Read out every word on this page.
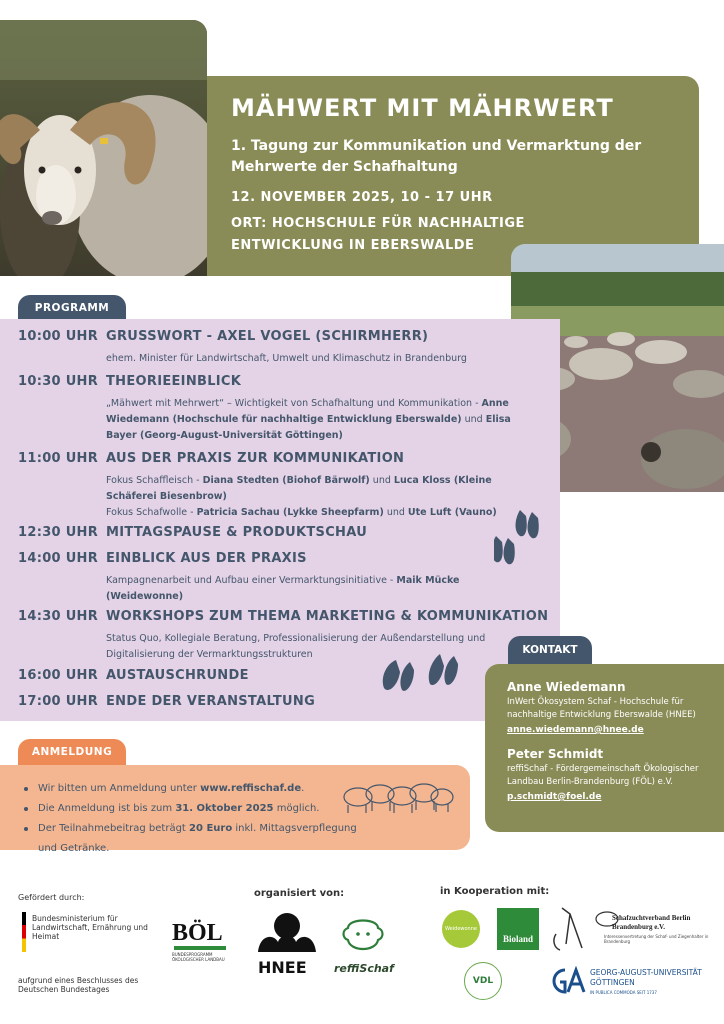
MÄHWERT MIT MÄHRWERT
1. Tagung zur Kommunikation und Vermarktung der Mehrwerte der Schafhaltung
12. NOVEMBER 2025, 10 - 17 UHR
ORT: HOCHSCHULE FÜR NACHHALTIGE ENTWICKLUNG IN EBERSWALDE
PROGRAMM
10:00 UHR GRUSSWORT - AXEL VOGEL (SCHIRMHERR)
ehem. Minister für Landwirtschaft, Umwelt und Klimaschutz in Brandenburg
10:30 UHR THEORIEEINBLICK
„Mähwert mit Mehrwert“ – Wichtigkeit von Schafhaltung und Kommunikation - Anne Wiedemann (Hochschule für nachhaltige Entwicklung Eberswalde) und Elisa Bayer (Georg-August-Universität Göttingen)
11:00 UHR AUS DER PRAXIS ZUR KOMMUNIKATION
Fokus Schaffleisch - Diana Stedten (Biohof Bärwolf) und Luca Kloss (Kleine Schäferei Biesenbrow)
Fokus Schafwolle - Patricia Sachau (Lykke Sheepfarm) und Ute Luft (Vauno)
12:30 UHR MITTAGSPAUSE & PRODUKTSCHAU
14:00 UHR EINBLICK AUS DER PRAXIS
Kampagnenarbeit und Aufbau einer Vermarktungsinitiative - Maik Mücke (Weidewonne)
14:30 UHR WORKSHOPS ZUM THEMA MARKETING & KOMMUNIKATION
Status Quo, Kollegiale Beratung, Professionalisierung der Außendarstellung und Digitalisierung der Vermarktungsstrukturen
16:00 UHR AUSTAUSCHRUNDE
17:00 UHR ENDE DER VERANSTALTUNG
KONTAKT
Anne Wiedemann
InWert Ökosystem Schaf - Hochschule für nachhaltige Entwicklung Eberswalde (HNEE)
anne.wiedemann@hnee.de
Peter Schmidt
reffiSchaf - Fördergemeinschaft Ökologischer Landbau Berlin-Brandenburg (FÖL) e.V.
p.schmidt@foel.de
ANMELDUNG
Wir bitten um Anmeldung unter www.reffischaf.de.
Die Anmeldung ist bis zum 31. Oktober 2025 möglich.
Der Teilnahmebeitrag beträgt 20 Euro inkl. Mittagsverpflegung und Getränke.
Gefördert durch:
Bundesministerium für Landwirtschaft, Ernährung und Heimat
aufgrund eines Beschlusses des Deutschen Bundestages
BÖL
BUNDESPROGRAMM ÖKOLOGISCHER LANDBAU
organisiert von:
HNEE reffiSchaf
in Kooperation mit:
Weidewonne
Bioland
Schafzuchtverband Berlin Brandenburg e.V.
Interessenvertretung der Schaf- und Ziegenhalter in Brandenburg
VDL
GEORG-AUGUST-UNIVERSITÄT GÖTTINGEN
IN PUBLICA COMMODA SEIT 1737
